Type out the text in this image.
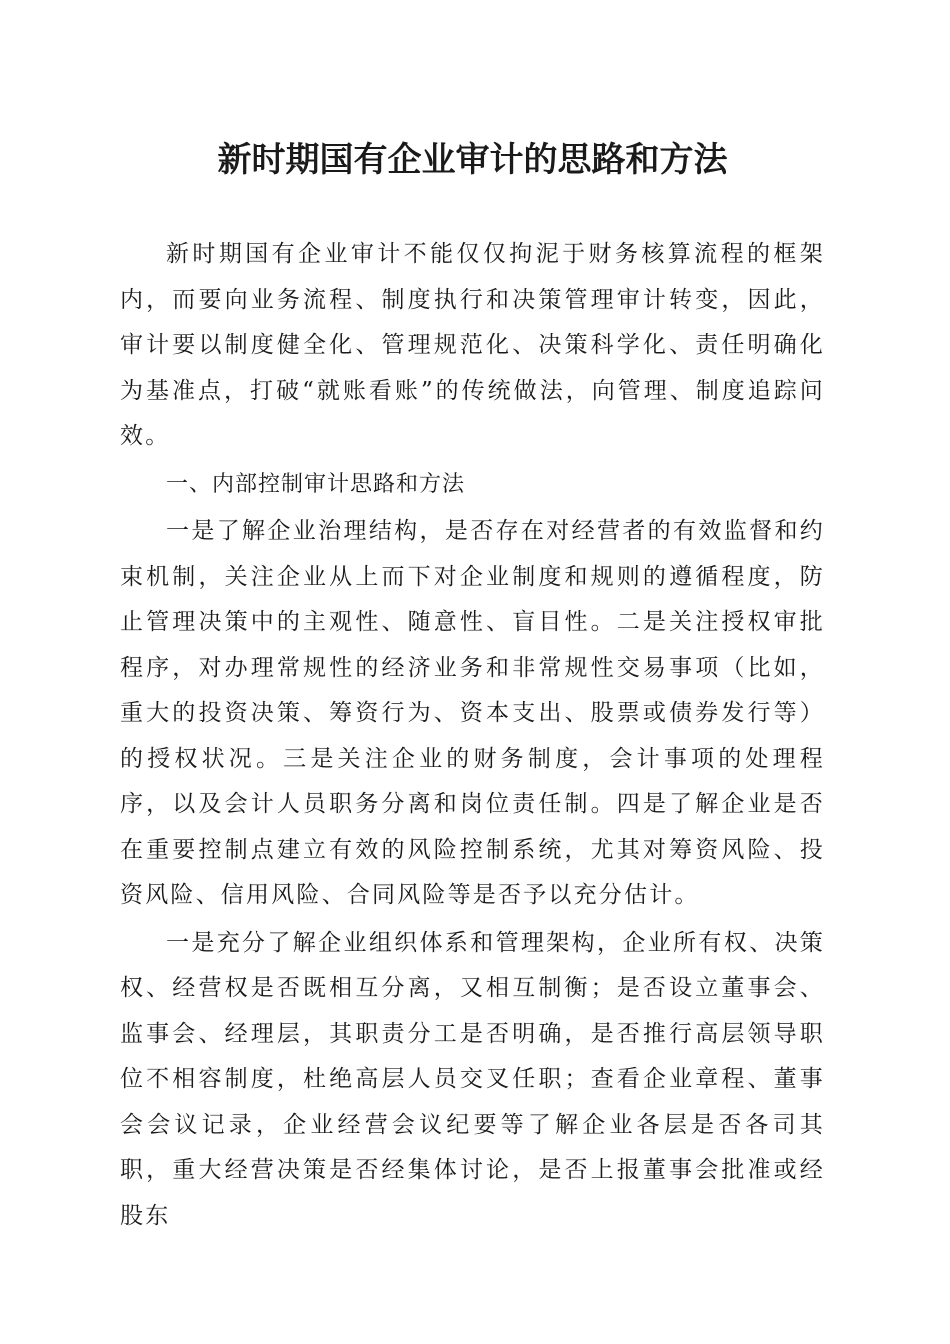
新时期国有企业审计的思路和方法

新时期国有企业审计不能仅仅拘泥于财务核算流程的框架内，而要向业务流程、制度执行和决策管理审计转变，因此，审计要以制度健全化、管理规范化、决策科学化、责任明确化为基准点，打破“就账看账”的传统做法，向管理、制度追踪问效。

一、内部控制审计思路和方法

一是了解企业治理结构，是否存在对经营者的有效监督和约束机制，关注企业从上而下对企业制度和规则的遵循程度，防止管理决策中的主观性、随意性、盲目性。二是关注授权审批程序，对办理常规性的经济业务和非常规性交易事项（比如，重大的投资决策、筹资行为、资本支出、股票或债券发行等）的授权状况。三是关注企业的财务制度，会计事项的处理程序，以及会计人员职务分离和岗位责任制。四是了解企业是否在重要控制点建立有效的风险控制系统，尤其对筹资风险、投资风险、信用风险、合同风险等是否予以充分估计。

一是充分了解企业组织体系和管理架构，企业所有权、决策权、经营权是否既相互分离，又相互制衡；是否设立董事会、监事会、经理层，其职责分工是否明确，是否推行高层领导职位不相容制度，杜绝高层人员交叉任职；查看企业章程、董事会会议记录，企业经营会议纪要等了解企业各层是否各司其职，重大经营决策是否经集体讨论，是否上报董事会批准或经股东
